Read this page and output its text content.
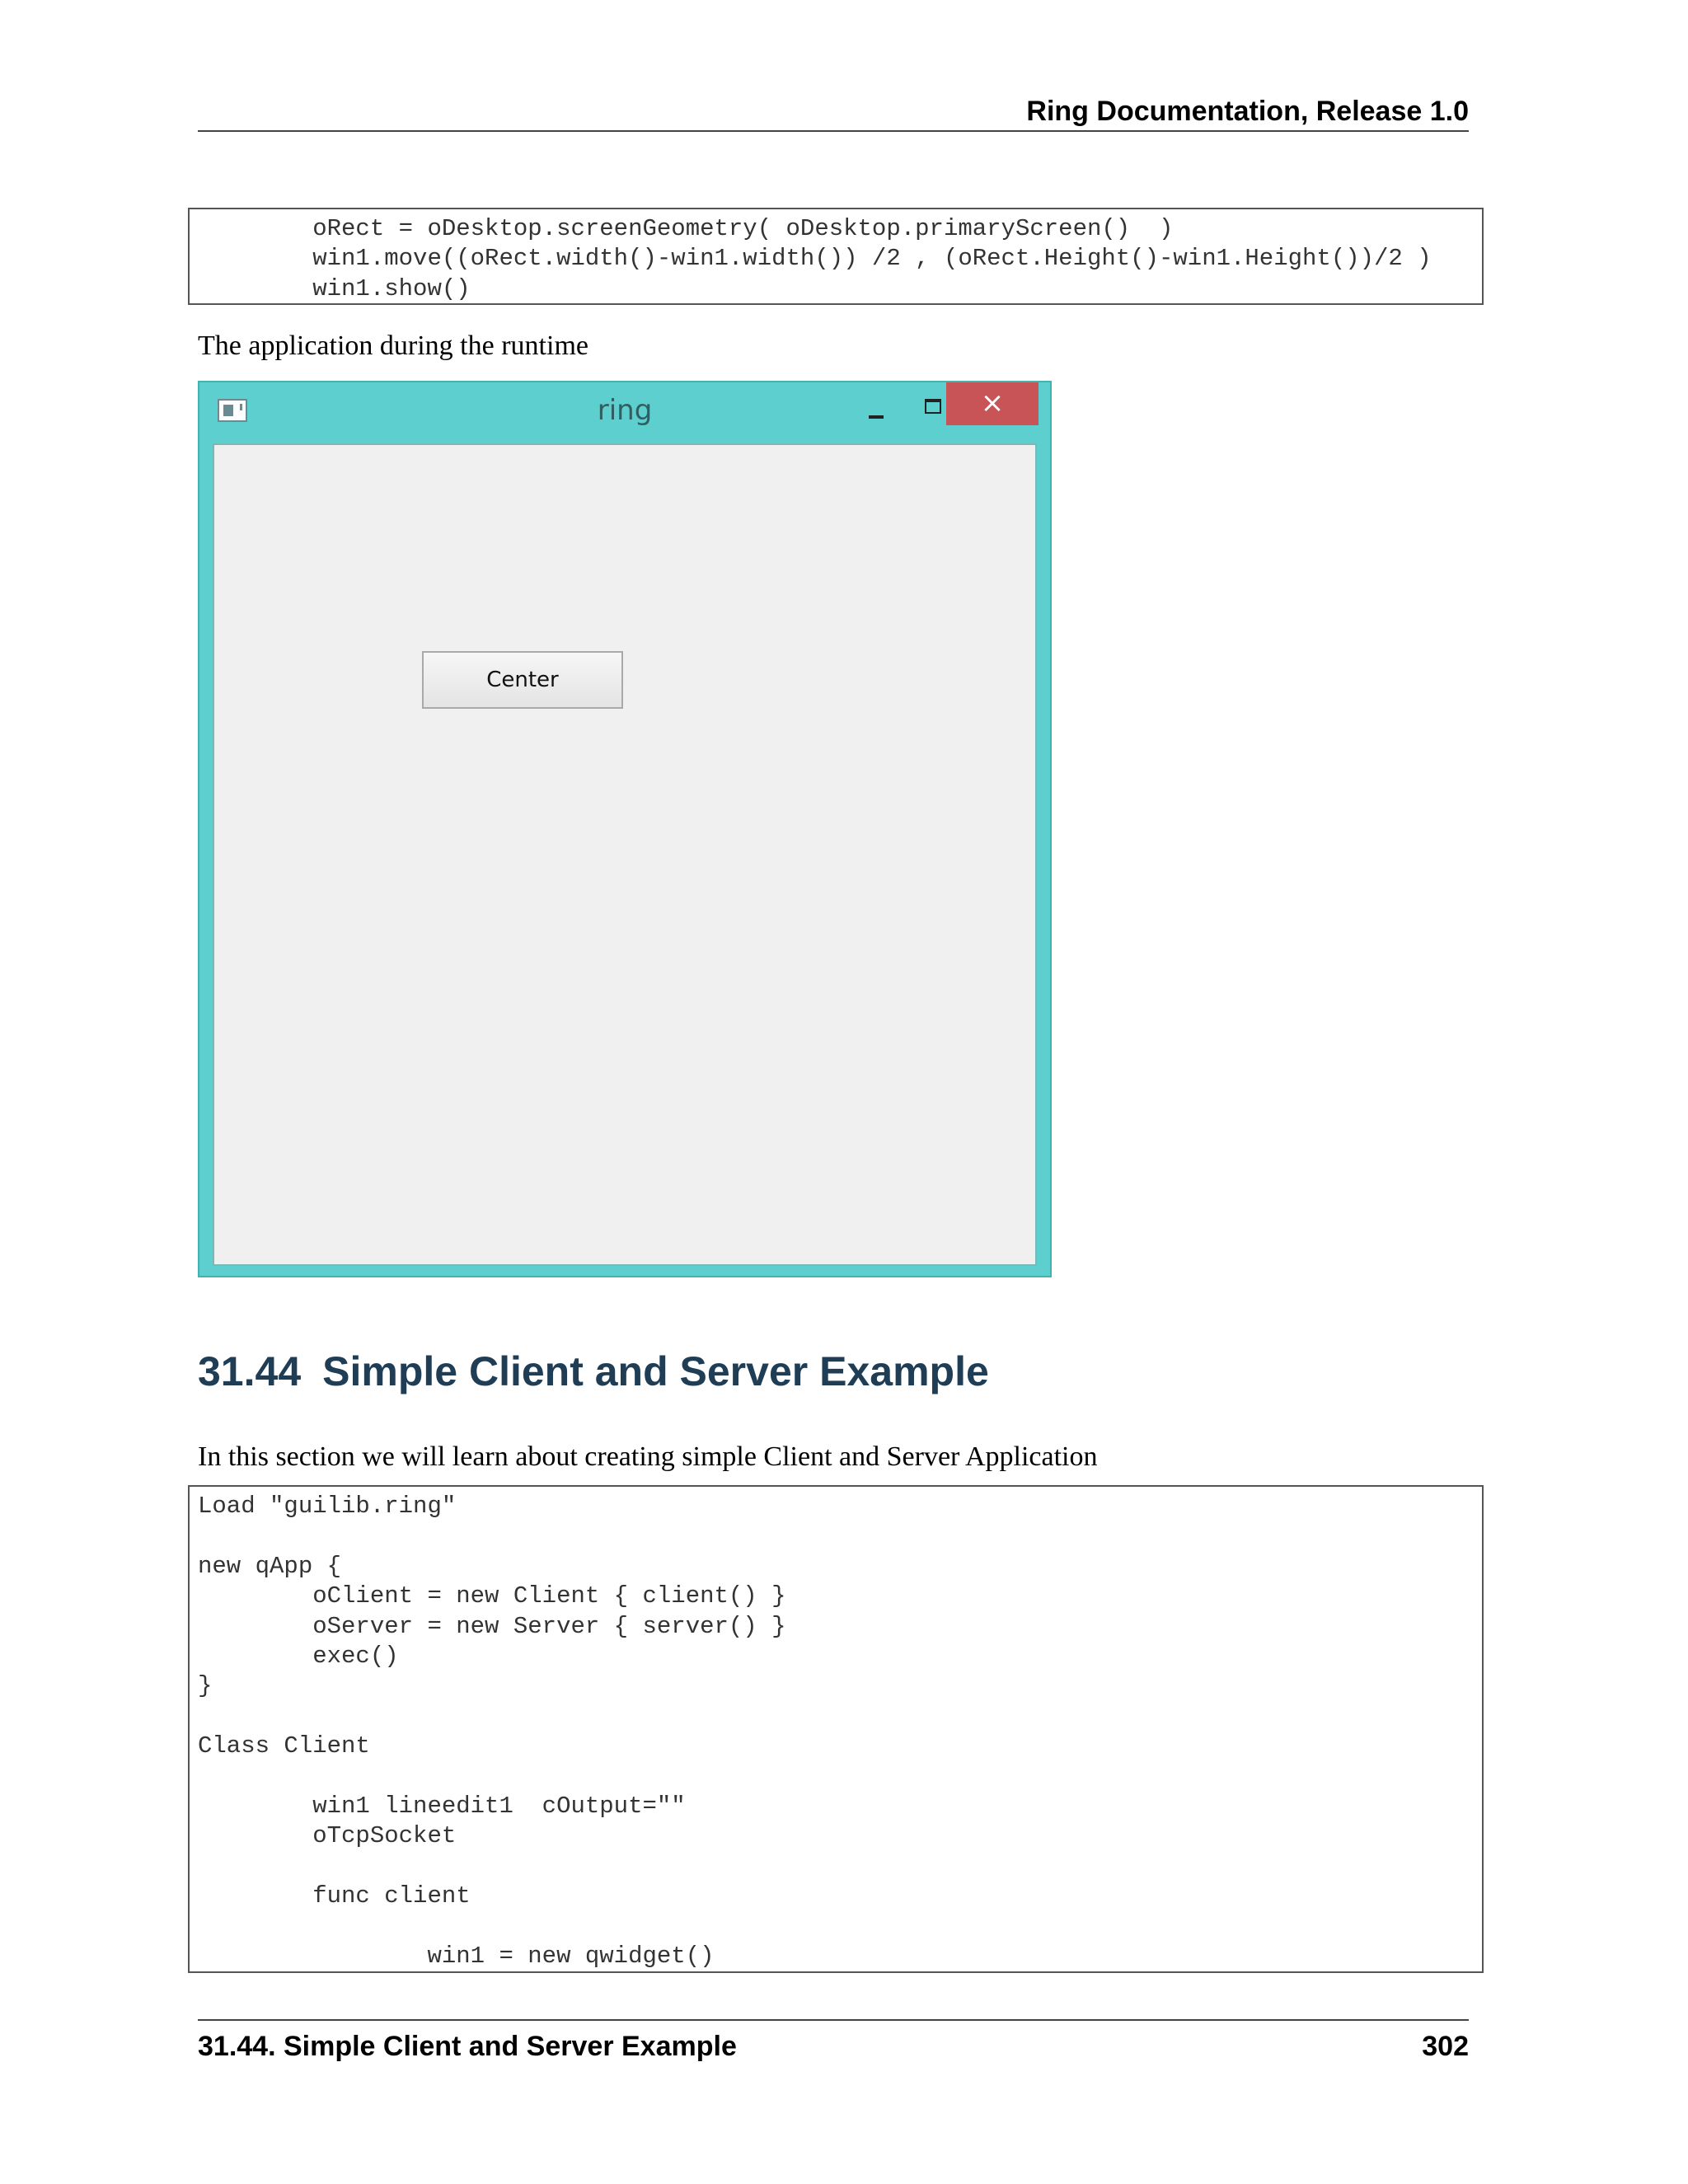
Ring Documentation, Release 1.0
oRect = oDesktop.screenGeometry( oDesktop.primaryScreen()  )
win1.move((oRect.width()-win1.width()) /2 , (oRect.Height()-win1.Height())/2 )
win1.show()
The application during the runtime
ring	×
Center
31.44 Simple Client and Server Example
In this section we will learn about creating simple Client and Server Application
Load "guilib.ring"

new qApp {
oClient = new Client { client() }
oServer = new Server { server() }
exec()
}

Class Client

win1 lineedit1  cOutput=""
oTcpSocket

func client

win1 = new qwidget()
31.44. Simple Client and Server Example	302
